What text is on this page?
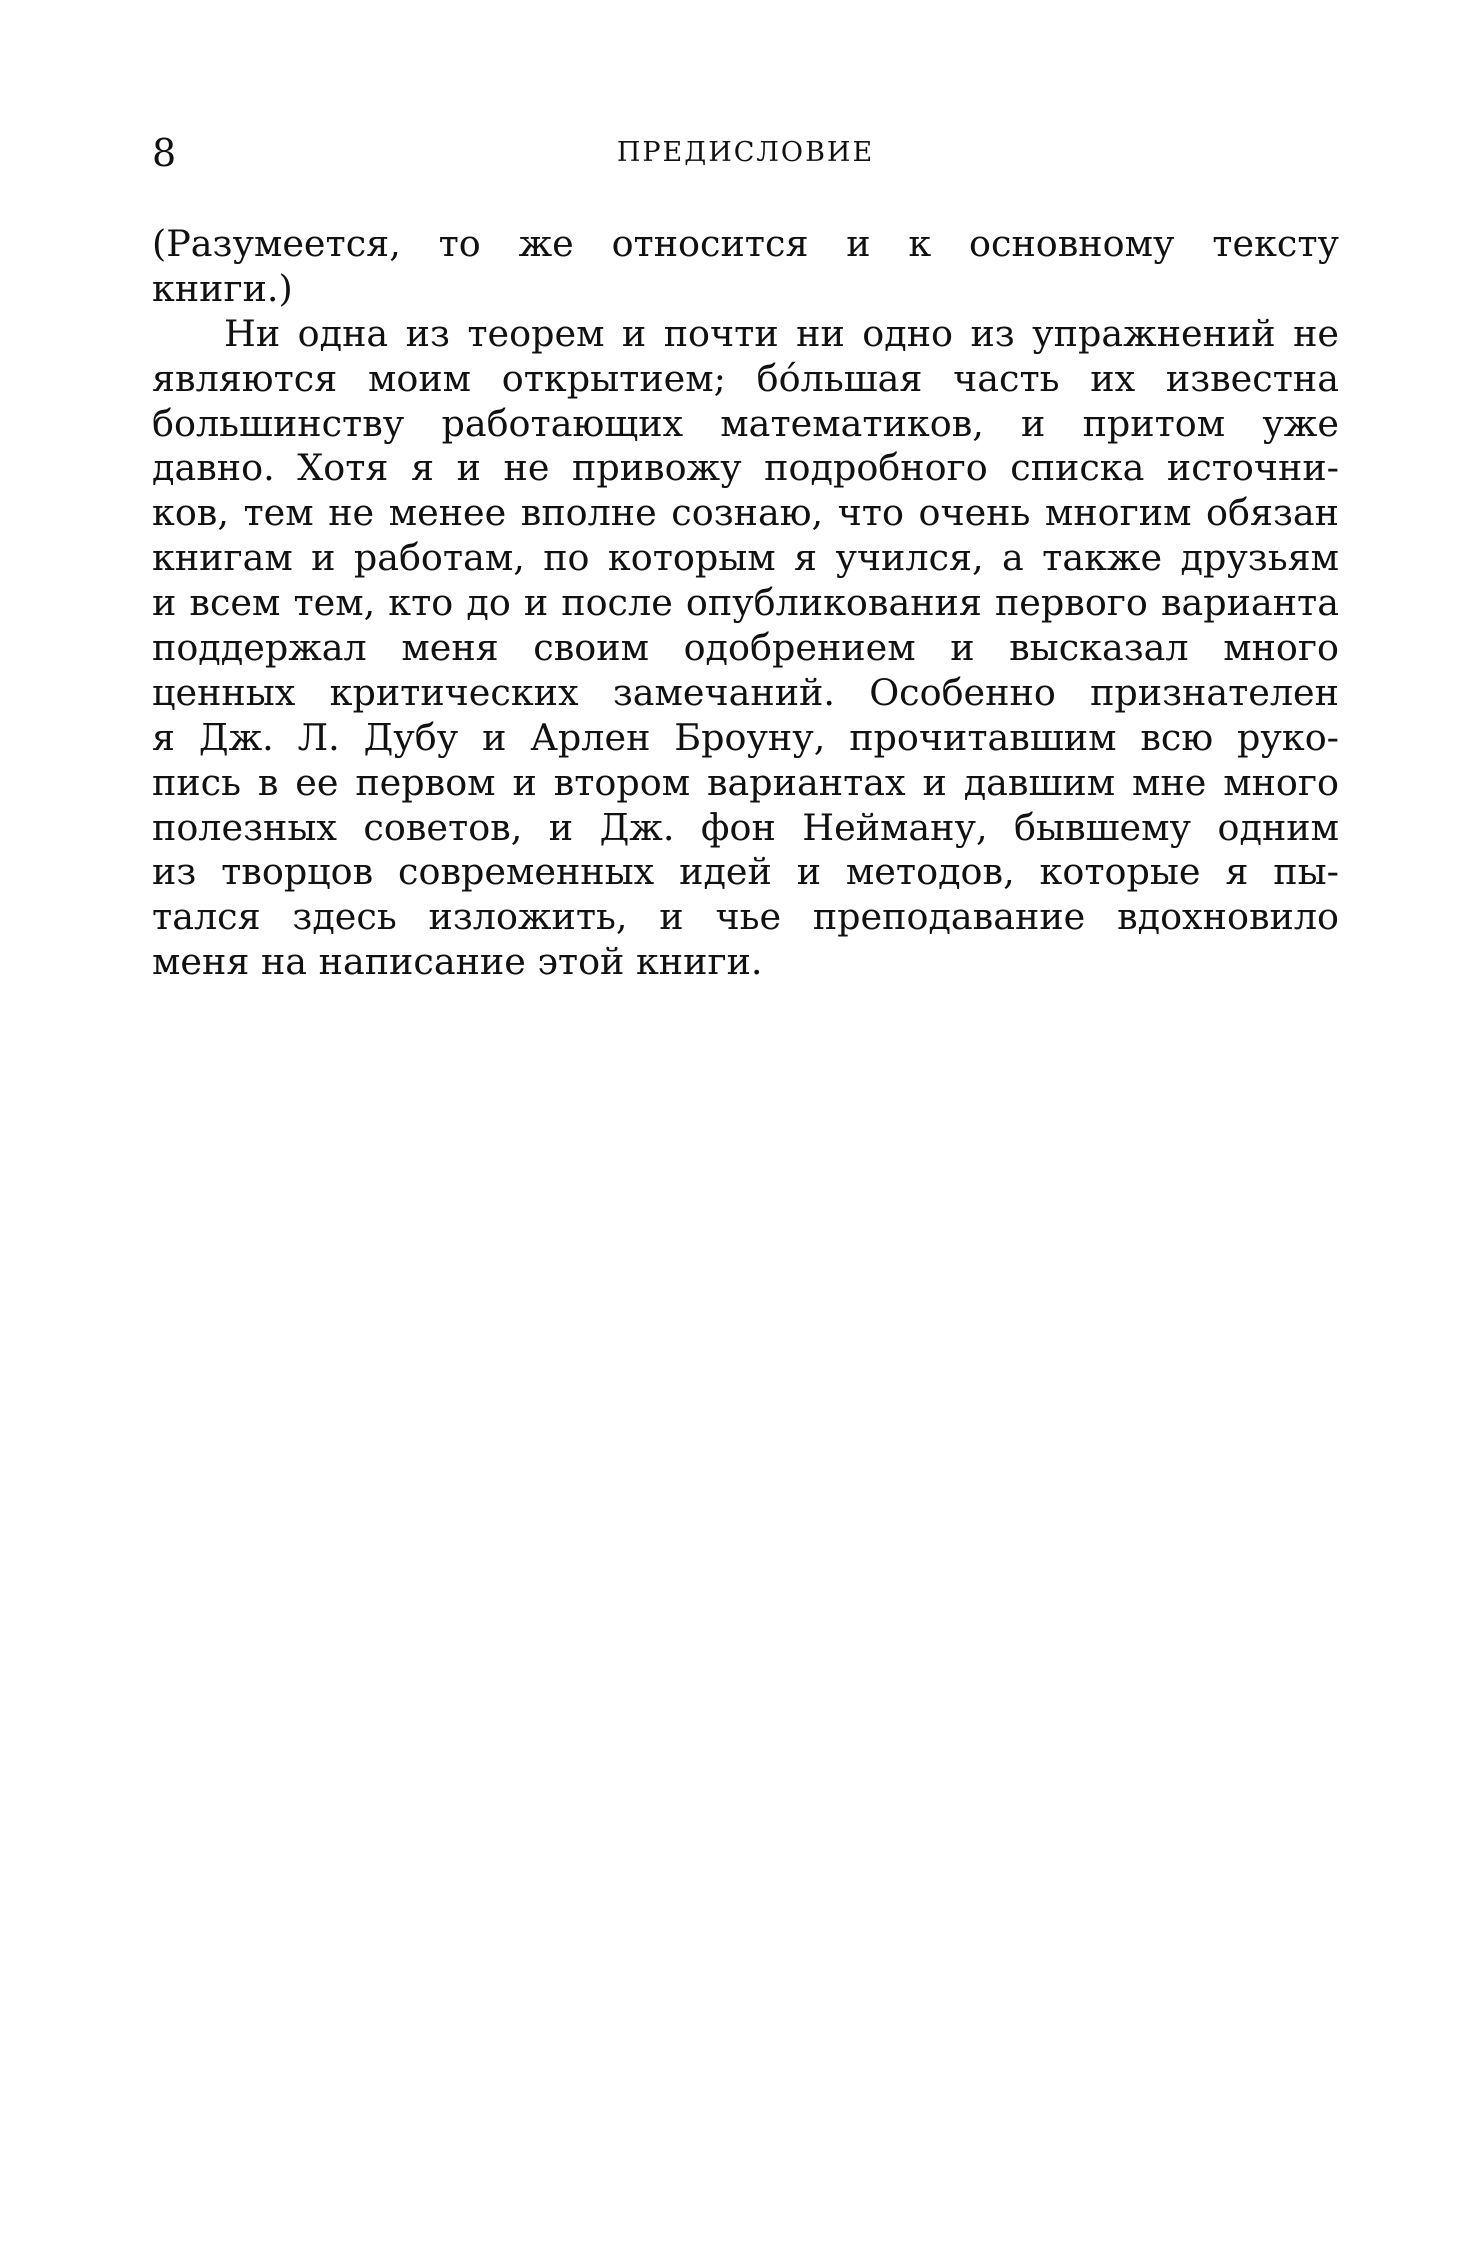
8	ПРЕДИСЛОВИЕ
(Разумеется, то же относится и к основному тексту
книги.)
Ни одна из теорем и почти ни одно из упражнений не
являются моим открытием; бóльшая часть их известна
большинству работающих математиков, и притом уже
давно. Хотя я и не привожу подробного списка источни-
ков, тем не менее вполне сознаю, что очень многим обязан
книгам и работам, по которым я учился, а также друзьям
и всем тем, кто до и после опубликования первого варианта
поддержал меня своим одобрением и высказал много
ценных критических замечаний. Особенно признателен
я Дж. Л. Дубу и Арлен Броуну, прочитавшим всю руко-
пись в ее первом и втором вариантах и давшим мне много
полезных советов, и Дж. фон Нейману, бывшему одним
из творцов современных идей и методов, которые я пы-
тался здесь изложить, и чье преподавание вдохновило
меня на написание этой книги.
